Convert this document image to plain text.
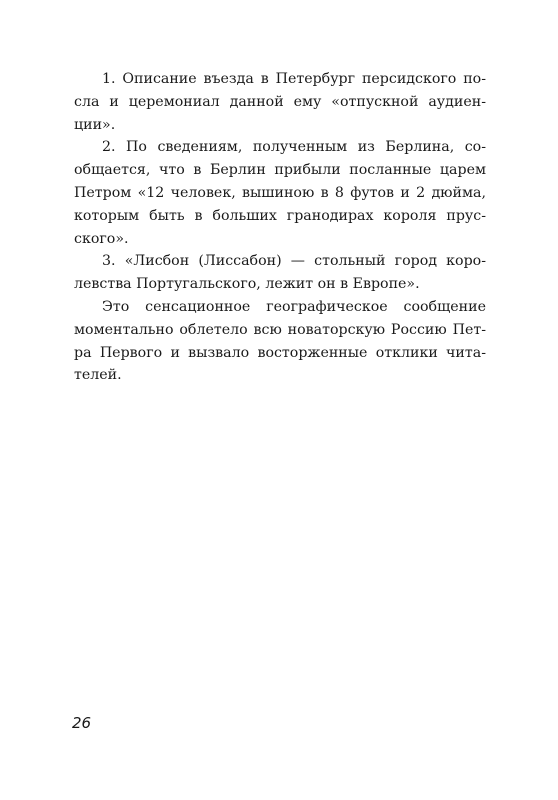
1. Описание въезда в Петербург персидского по-
сла и церемониал данной ему «отпускной аудиен-
ции».
2. По сведениям, полученным из Берлина, со-
общается, что в Берлин прибыли посланные царем
Петром «12 человек, вышиною в 8 футов и 2 дюйма,
которым быть в больших гранодирах короля прус-
ского».
3. «Лисбон (Лиссабон) — стольный город коро-
левства Португальского, лежит он в Европе».
Это сенсационное географическое сообщение
моментально облетело всю новаторскую Россию Пет-
ра Первого и вызвало восторженные отклики чита-
телей.
26
